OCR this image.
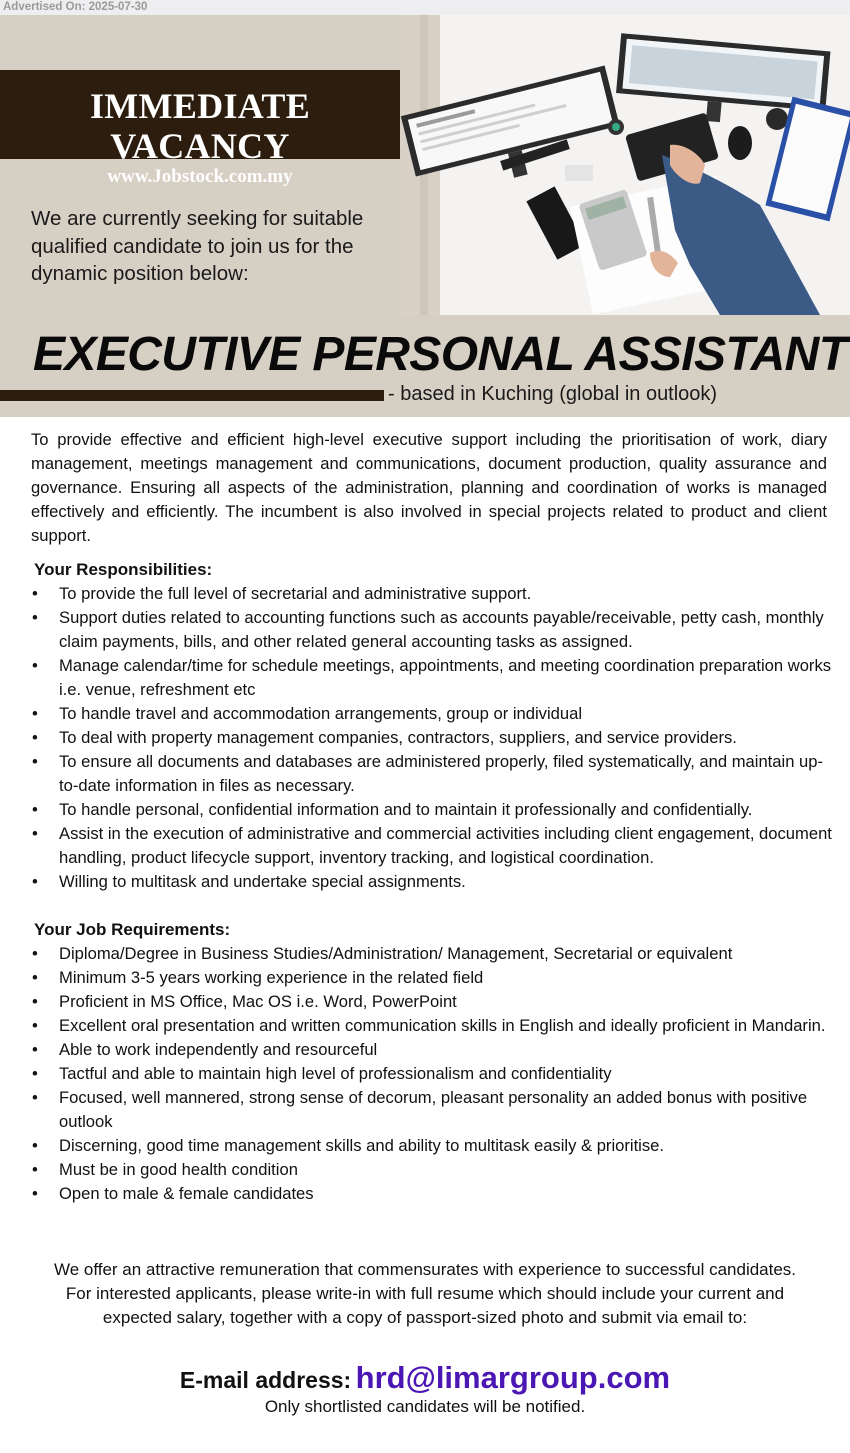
Advertised On: 2025-07-30
IMMEDIATE VACANCY
www.Jobstock.com.my
We are currently seeking for suitable qualified candidate to join us for the dynamic position below:
EXECUTIVE PERSONAL ASSISTANT
- based in Kuching (global in outlook)

To provide effective and efficient high-level executive support including the prioritisation of work, diary management, meetings management and communications, document production, quality assurance and governance. Ensuring all aspects of the administration, planning and coordination of works is managed effectively and efficiently. The incumbent is also involved in special projects related to product and client support.

Your Responsibilities:
• To provide the full level of secretarial and administrative support.
• Support duties related to accounting functions such as accounts payable/receivable, petty cash, monthly claim payments, bills, and other related general accounting tasks as assigned.
• Manage calendar/time for schedule meetings, appointments, and meeting coordination preparation works i.e. venue, refreshment etc
• To handle travel and accommodation arrangements, group or individual
• To deal with property management companies, contractors, suppliers, and service providers.
• To ensure all documents and databases are administered properly, filed systematically, and maintain up-to-date information in files as necessary.
• To handle personal, confidential information and to maintain it professionally and confidentially.
• Assist in the execution of administrative and commercial activities including client engagement, document handling, product lifecycle support, inventory tracking, and logistical coordination.
• Willing to multitask and undertake special assignments.
Your Job Requirements:
• Diploma/Degree in Business Studies/Administration/ Management, Secretarial or equivalent
• Minimum 3-5 years working experience in the related field
• Proficient in MS Office, Mac OS i.e. Word, PowerPoint
• Excellent oral presentation and written communication skills in English and ideally proficient in Mandarin.
• Able to work independently and resourceful
• Tactful and able to maintain high level of professionalism and confidentiality
• Focused, well mannered, strong sense of decorum, pleasant personality an added bonus with positive outlook
• Discerning, good time management skills and ability to multitask easily & prioritise.
• Must be in good health condition
• Open to male & female candidates

We offer an attractive remuneration that commensurates with experience to successful candidates. For interested applicants, please write-in with full resume which should include your current and expected salary, together with a copy of passport-sized photo and submit via email to:

E-mail address: hrd@limargroup.com
Only shortlisted candidates will be notified.
